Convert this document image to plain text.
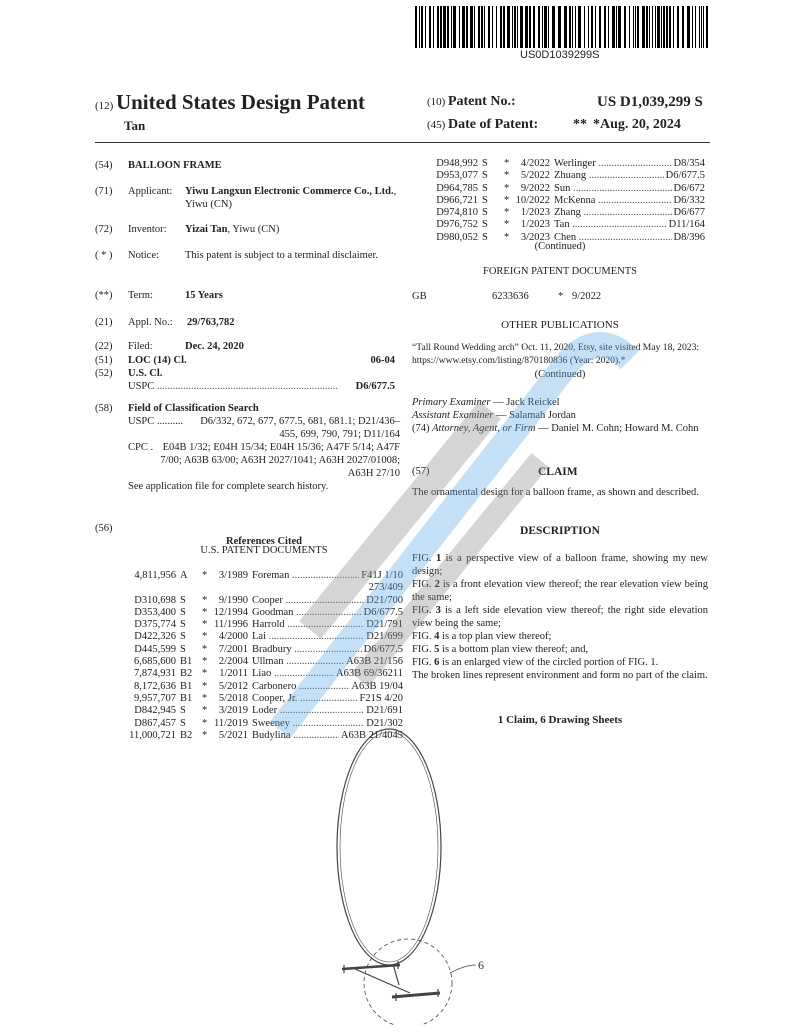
US0D1039299S
(12) United States Design Patent	(10) Patent No.:	US D1,039,299 S
Tan	(45) Date of Patent: ** *Aug. 20, 2024
(54) BALLOON FRAME
(71) Applicant: Yiwu Langxun Electronic Commerce Co., Ltd., Yiwu (CN)
(72) Inventor: Yizai Tan, Yiwu (CN)
( * ) Notice: This patent is subject to a terminal disclaimer.
(**) Term:	15 Years
(21) Appl. No.: 29/763,782
(22) Filed:	Dec. 24, 2020
(51) LOC (14) Cl.	06-04
(52) U.S. Cl.
USPC .....................................................................	D6/677.5
(58) Field of Classification Search
USPC ..........	D6/332, 672, 677, 677.5, 681, 681.1; D21/436–455, 699, 790, 791; D11/164
CPC . E04B 1/32; E04H 15/34; E04H 15/36; A47F 5/14; A47F 7/00; A63B 63/00; A63H 2027/1041; A63H 2027/01008; A63H 27/10
See application file for complete search history.
(56)
References Cited
U.S. PATENT DOCUMENTS
4,811,956 A	*	3/1989 Foreman .....	F41J 1/10
273/409
D310,698 S	*	9/1990 Cooper .....	D21/700
D353,400 S	* 12/1994 Goodman .....	D6/677.5
D375,774 S	* 11/1996 Harrold .....	D21/791
D422,326 S	*	4/2000 Lai .....	D21/699
D445,599 S	*	7/2001 Bradbury .....	D6/677.5
6,685,600 B1 *	2/2004 Ullman .....	A63B 21/156
7,874,931 B2 *	1/2011 Liao .....	A63B 69/36211
8,172,636 B1 *	5/2012 Carbonero .....	A63B 19/04
9,957,707 B1 *	5/2018 Cooper, Jr. .....	F21S 4/20
D842,945 S	*	3/2019 Loder .....	D21/691
D867,457 S	* 11/2019 Sweeney .....	D21/302
11,000,721 B2 *	5/2021 Budylina .....	A63B 21/4045
D948,992 S	*	4/2022 Werlinger .....	D8/354
D953,077 S	*	5/2022 Zhuang .....	D6/677.5
D964,785 S	*	9/2022 Sun .....	D6/672
D966,721 S	* 10/2022 McKenna .....	D6/332
D974,810 S	*	1/2023 Zhang .....	D6/677
D976,752 S	*	1/2023 Tan .....	D11/164
D980,052 S	*	3/2023 Chen .....	D8/396
(Continued)
FOREIGN PATENT DOCUMENTS
GB	6233636	* 9/2022
OTHER PUBLICATIONS
“Tall Round Wedding arch” Oct. 11, 2020, Etsy, site visited May 18, 2023: https://www.etsy.com/listing/870180836 (Year: 2020).*
(Continued)
Primary Examiner — Jack Reickel
Assistant Examiner — Salamah Jordan
(74) Attorney, Agent, or Firm — Daniel M. Cohn; Howard M. Cohn
(57)	CLAIM
The ornamental design for a balloon frame, as shown and described.
DESCRIPTION
FIG. 1 is a perspective view of a balloon frame, showing my new design;
FIG. 2 is a front elevation view thereof; the rear elevation view being the same;
FIG. 3 is a left side elevation view thereof; the right side elevation view being the same;
FIG. 4 is a top plan view thereof;
FIG. 5 is a bottom plan view thereof; and,
FIG. 6 is an enlarged view of the circled portion of FIG. 1.
The broken lines represent environment and form no part of the claim.
1 Claim, 6 Drawing Sheets
6
